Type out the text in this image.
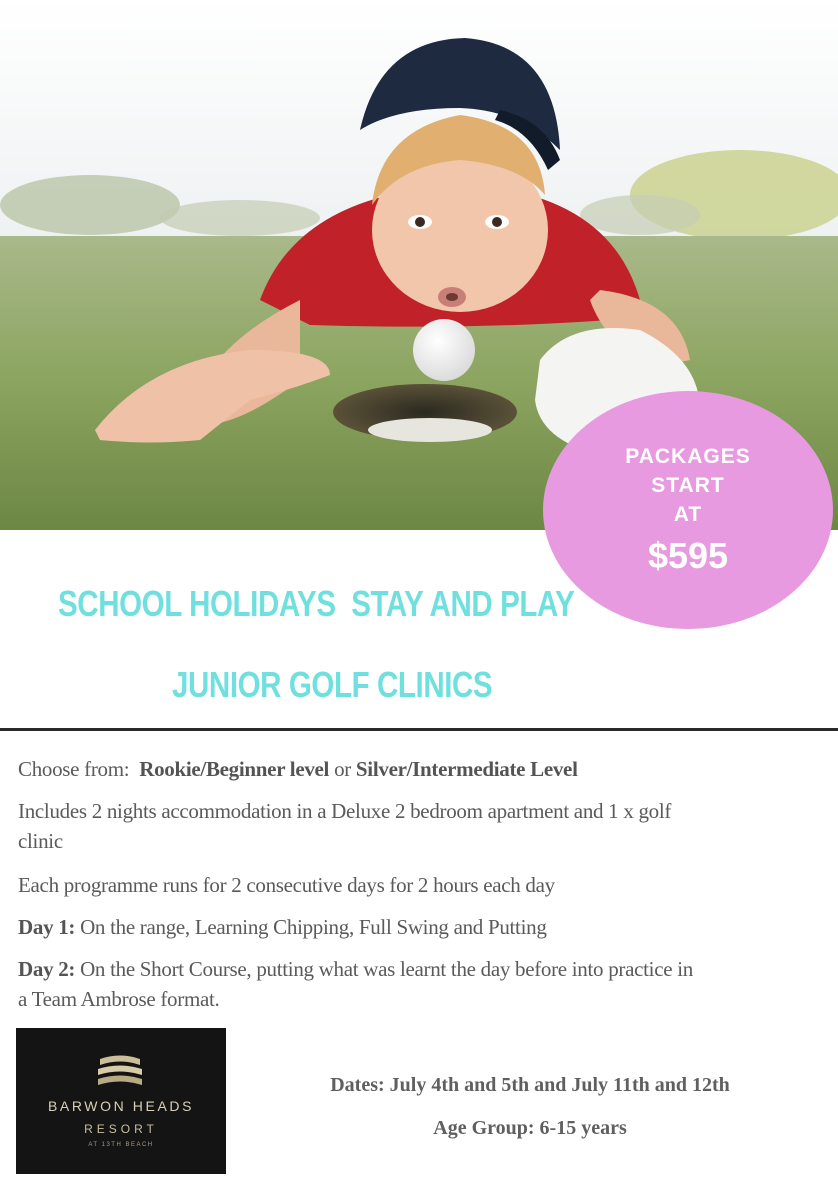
PACKAGES
START
AT
$595
SCHOOL HOLIDAYS  STAY AND PLAY
JUNIOR GOLF CLINICS
Choose from: Rookie/Beginner level or Silver/Intermediate Level
Includes 2 nights accommodation in a Deluxe 2 bedroom apartment and 1 x golf
clinic
Each programme runs for 2 consecutive days for 2 hours each day
Day 1: On the range, Learning Chipping, Full Swing and Putting
Day 2: On the Short Course, putting what was learnt the day before into practice in
a Team Ambrose format.
BARWON HEADS
RESORT
AT 13TH BEACH
Dates: July 4th and 5th and July 11th and 12th
Age Group: 6-15 years
